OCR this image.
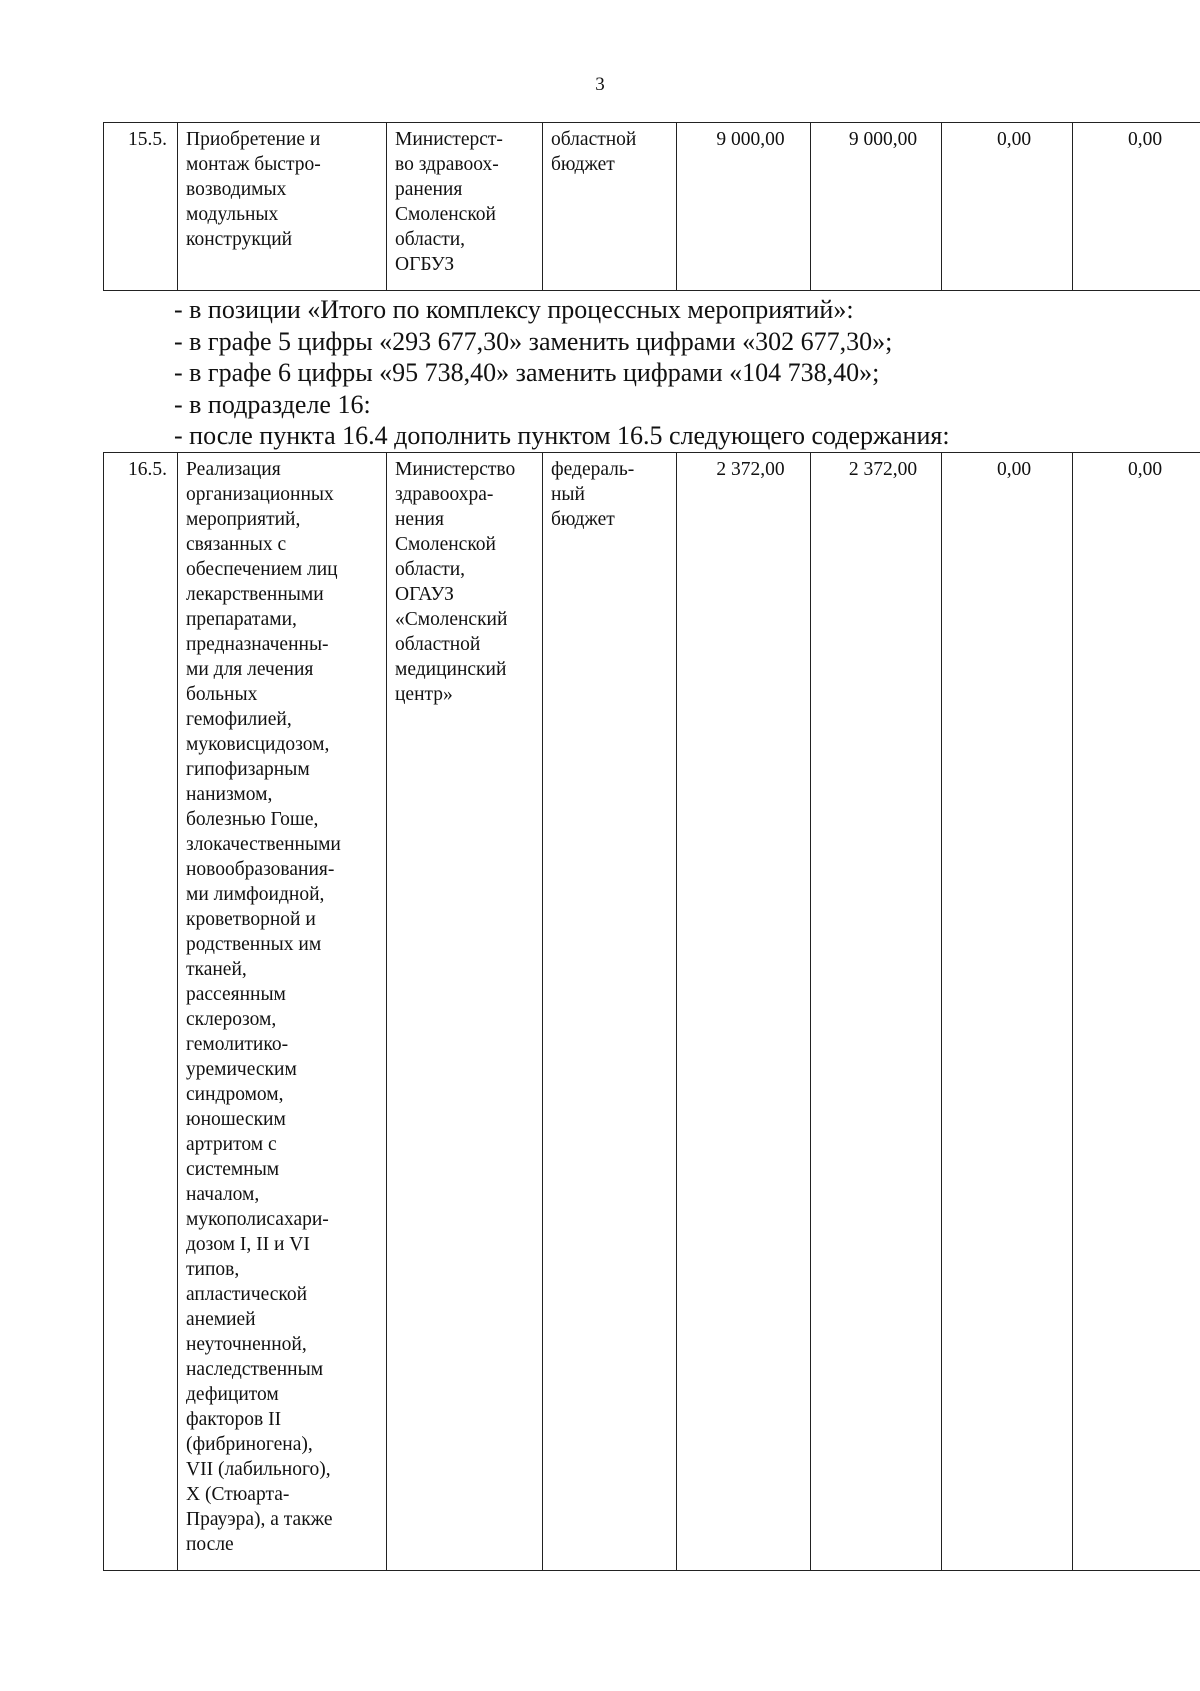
3
15.5.	Приобретение и
монтаж быстро-
возводимых
модульных
конструкций	Министерст-
во здравоох-
ранения
Смоленской
области,
ОГБУЗ	областной
бюджет	9 000,00	9 000,00	0,00	0,00
- в позиции «Итого по комплексу процессных мероприятий»:
- в графе 5 цифры «293 677,30» заменить цифрами «302 677,30»;
- в графе 6 цифры «95 738,40» заменить цифрами «104 738,40»;
- в подразделе 16:
- после пункта 16.4 дополнить пунктом 16.5 следующего содержания:
16.5.	Реализация
организационных
мероприятий,
связанных с
обеспечением лиц
лекарственными
препаратами,
предназначенны-
ми для лечения
больных
гемофилией,
муковисцидозом,
гипофизарным
нанизмом,
болезнью Гоше,
злокачественными
новообразования-
ми лимфоидной,
кроветворной и
родственных им
тканей,
рассеянным
склерозом,
гемолитико-
уремическим
синдромом,
юношеским
артритом с
системным
началом,
мукополисахари-
дозом I, II и VI
типов,
апластической
анемией
неуточненной,
наследственным
дефицитом
факторов II
(фибриногена),
VII (лабильного),
X (Стюарта-
Прауэра), а также
после	Министерство
здравоохра-
нения
Смоленской
области,
ОГАУЗ
«Смоленский
областной
медицинский
центр»	федераль-
ный
бюджет	2 372,00	2 372,00	0,00	0,00
